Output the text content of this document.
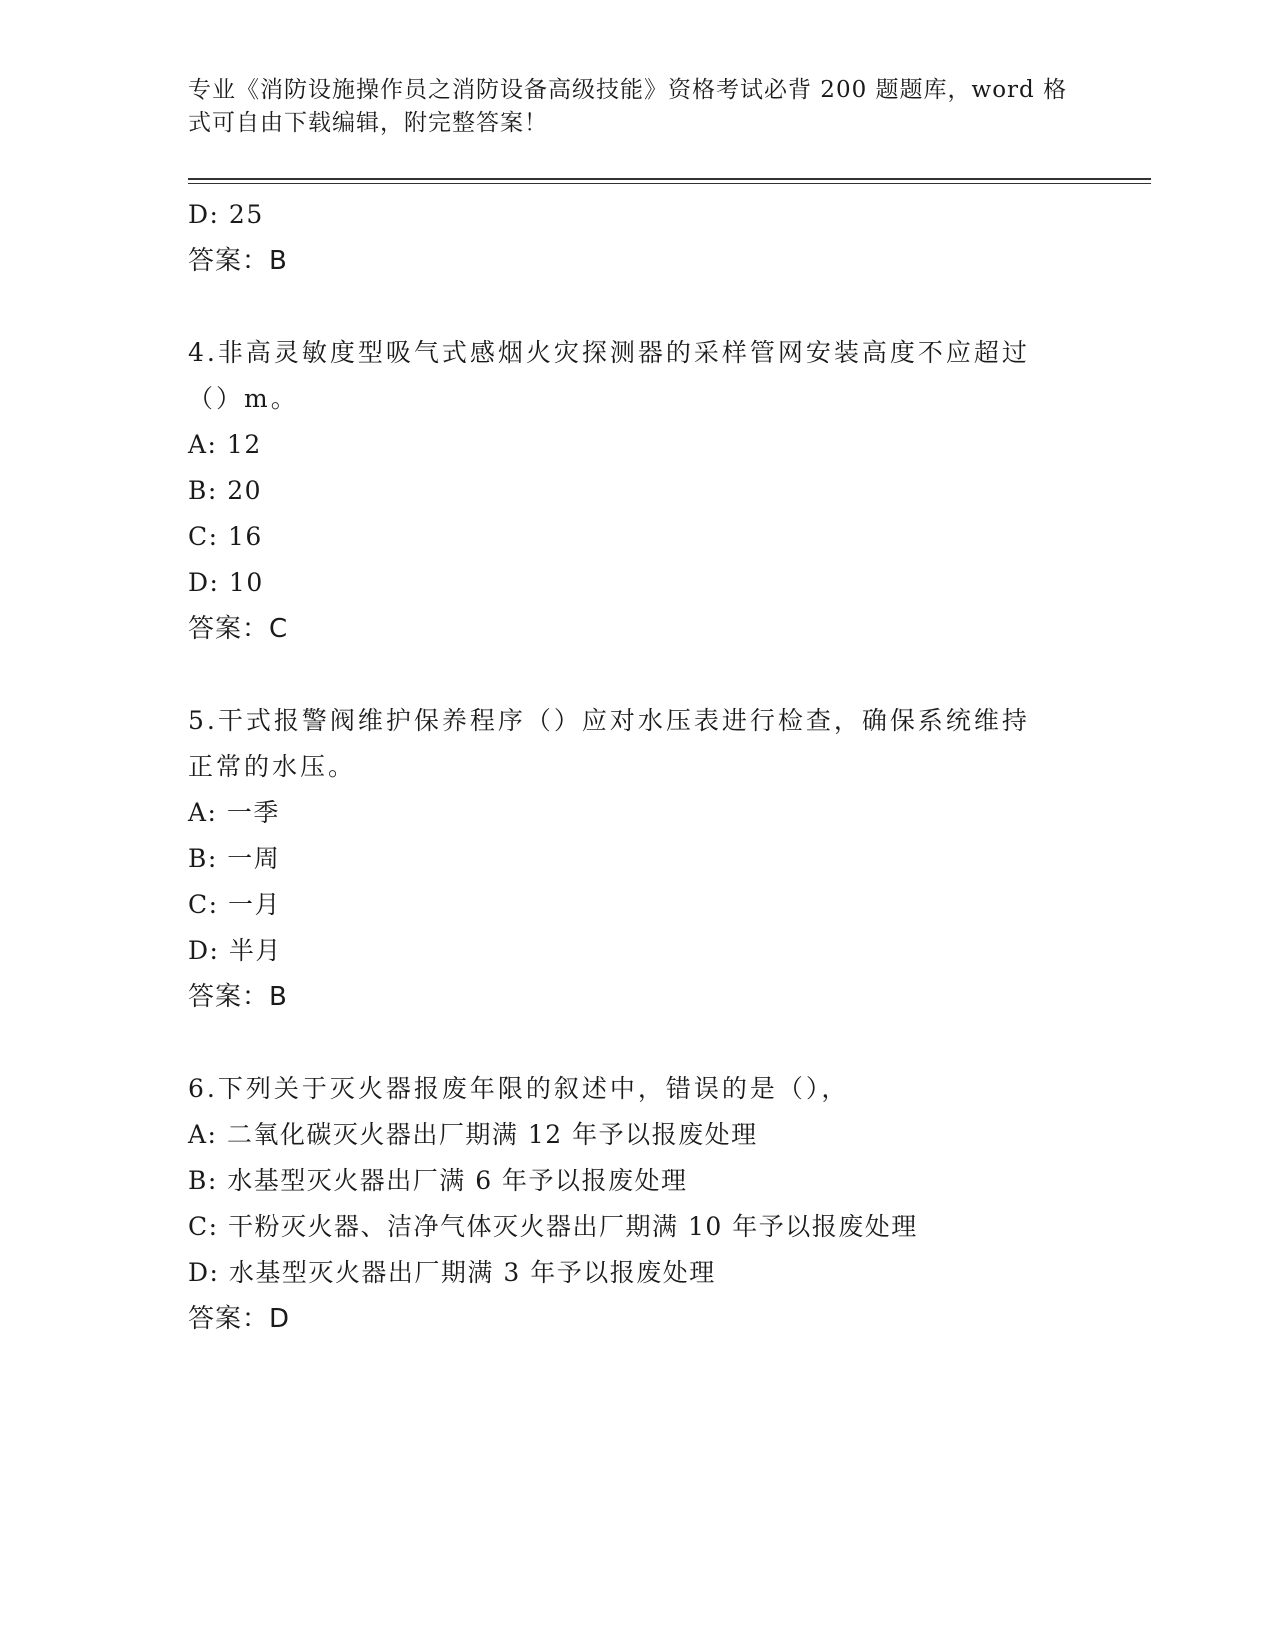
专业《消防设施操作员之消防设备高级技能》资格考试必背 200 题题库，word 格
式可自由下载编辑，附完整答案！
D: 25
答案：B
4.非高灵敏度型吸气式感烟火灾探测器的采样管网安装高度不应超过
（）m。
A: 12
B: 20
C: 16
D: 10
答案：C
5.干式报警阀维护保养程序（）应对水压表进行检查，确保系统维持
正常的水压。
A: 一季
B: 一周
C: 一月
D: 半月
答案：B
6.下列关于灭火器报废年限的叙述中，错误的是（），
A: 二氧化碳灭火器出厂期满 12 年予以报废处理
B: 水基型灭火器出厂满 6 年予以报废处理
C: 干粉灭火器、洁净气体灭火器出厂期满 10 年予以报废处理
D: 水基型灭火器出厂期满 3 年予以报废处理
答案：D
